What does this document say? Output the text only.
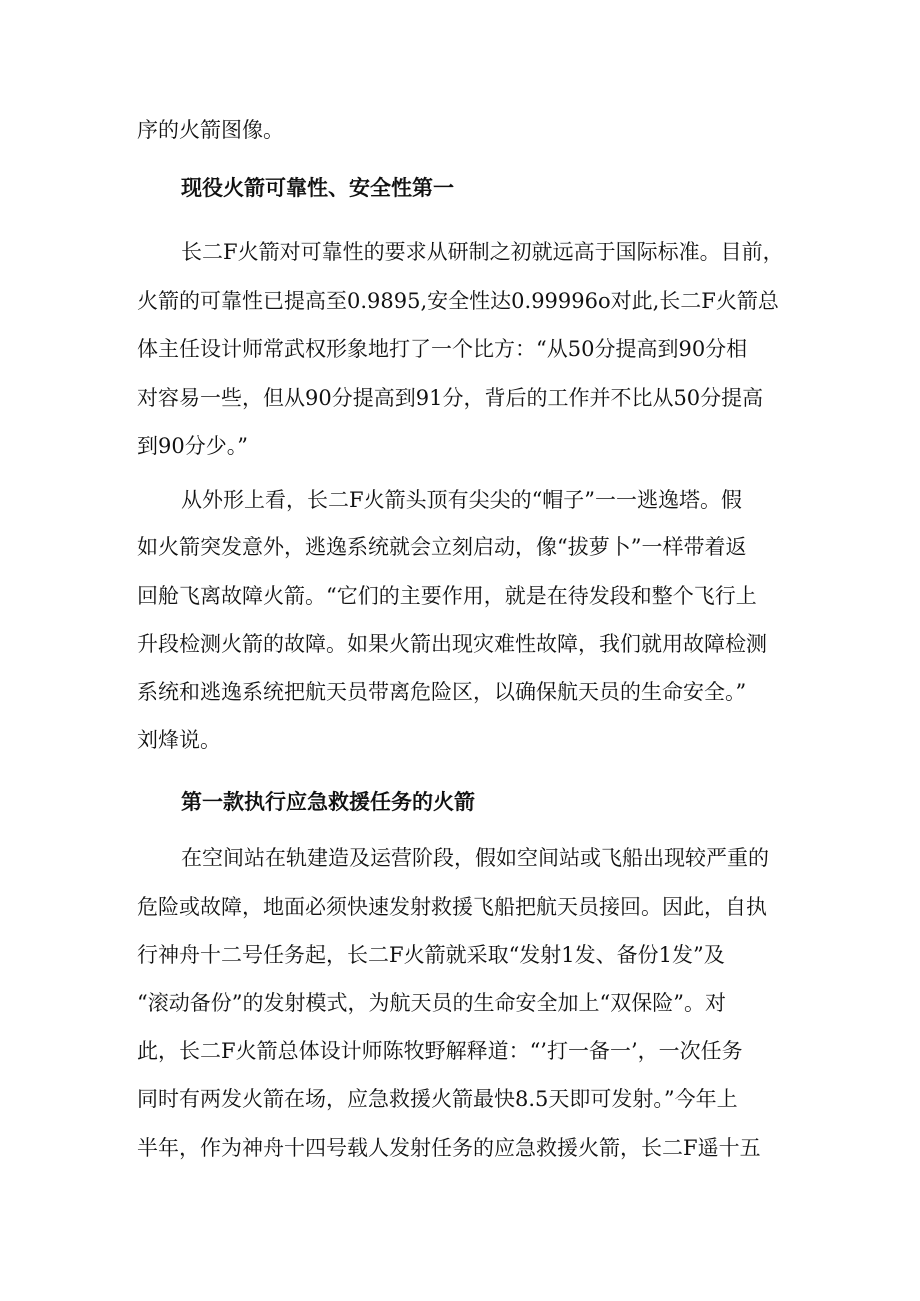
序的火箭图像。
现役火箭可靠性、安全性第一
长二F火箭对可靠性的要求从研制之初就远高于国际标准。目前，
火箭的可靠性已提高至0.9895,安全性达0.99996o对此,长二F火箭总
体主任设计师常武权形象地打了一个比方：“从50分提高到90分相
对容易一些，但从90分提高到91分，背后的工作并不比从50分提高
到90分少。”
从外形上看，长二F火箭头顶有尖尖的“帽子”一一逃逸塔。假
如火箭突发意外，逃逸系统就会立刻启动，像“拔萝卜”一样带着返
回舱飞离故障火箭。“它们的主要作用，就是在待发段和整个飞行上
升段检测火箭的故障。如果火箭出现灾难性故障，我们就用故障检测
系统和逃逸系统把航天员带离危险区，以确保航天员的生命安全。”
刘烽说。
第一款执行应急救援任务的火箭
在空间站在轨建造及运营阶段，假如空间站或飞船出现较严重的
危险或故障，地面必须快速发射救援飞船把航天员接回。因此，自执
行神舟十二号任务起，长二F火箭就采取“发射1发、备份1发”及
“滚动备份”的发射模式，为航天员的生命安全加上“双保险”。对
此，长二F火箭总体设计师陈牧野解释道：“’打一备一’，一次任务
同时有两发火箭在场，应急救援火箭最快8.5天即可发射。”今年上
半年，作为神舟十四号载人发射任务的应急救援火箭，长二F遥十五
